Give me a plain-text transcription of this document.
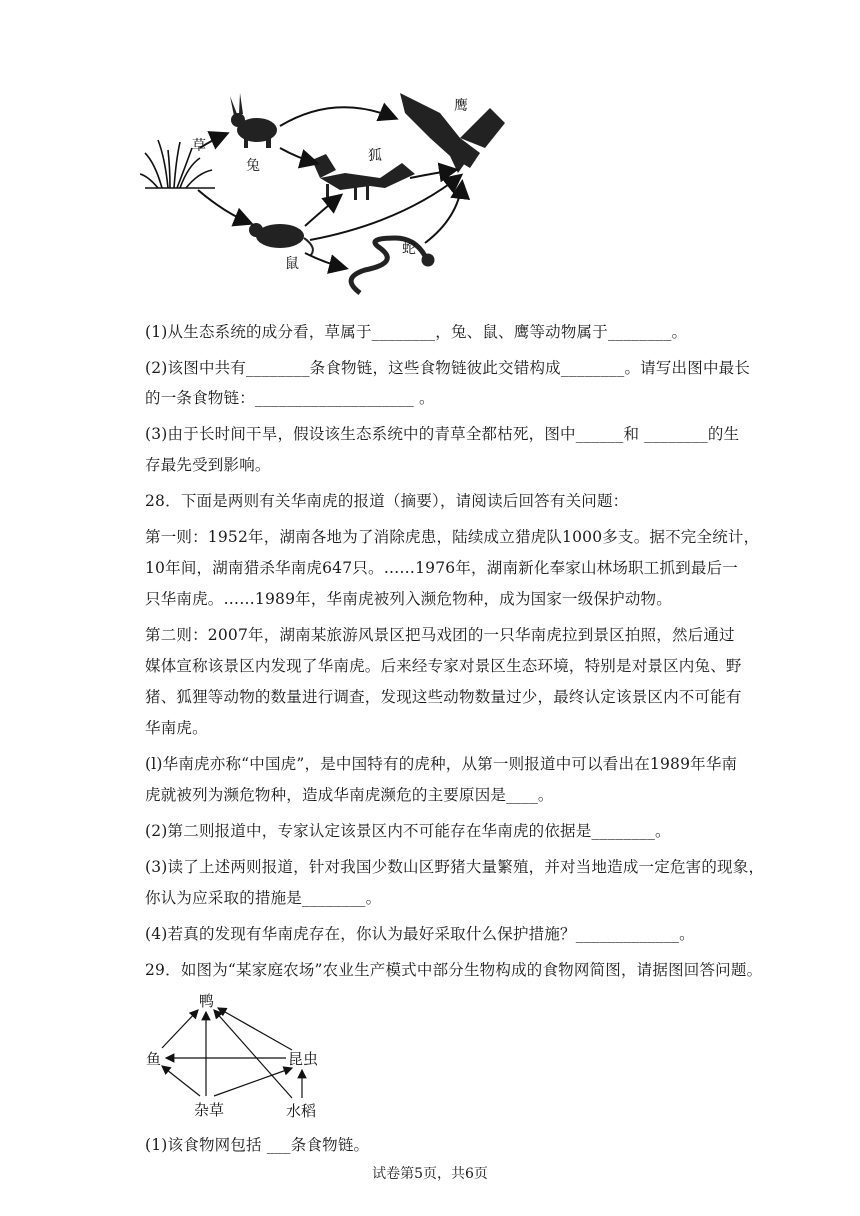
草
兔
狐
鹰
鼠
蛇
(1)从生态系统的成分看，草属于________，兔、鼠、鹰等动物属于________。
(2)该图中共有________条食物链，这些食物链彼此交错构成________。请写出图中最长
的一条食物链：____________________ 。
(3)由于长时间干旱，假设该生态系统中的青草全都枯死，图中______和 ________的生
存最先受到影响。
28．下面是两则有关华南虎的报道（摘要），请阅读后回答有关问题：
第一则：1952年，湖南各地为了消除虎患，陆续成立猎虎队1000多支。据不完全统计，
10年间，湖南猎杀华南虎647只。……1976年，湖南新化奉家山林场职工抓到最后一
只华南虎。……1989年，华南虎被列入濒危物种，成为国家一级保护动物。
第二则：2007年，湖南某旅游风景区把马戏团的一只华南虎拉到景区拍照，然后通过
媒体宣称该景区内发现了华南虎。后来经专家对景区生态环境，特别是对景区内兔、野
猪、狐狸等动物的数量进行调查，发现这些动物数量过少，最终认定该景区内不可能有
华南虎。
(l)华南虎亦称“中国虎”，是中国特有的虎种，从第一则报道中可以看出在1989年华南
虎就被列为濒危物种，造成华南虎濒危的主要原因是____。
(2)第二则报道中，专家认定该景区内不可能存在华南虎的依据是________。
(3)读了上述两则报道，针对我国少数山区野猪大量繁殖，并对当地造成一定危害的现象，
你认为应采取的措施是________。
(4)若真的发现有华南虎存在，你认为最好采取什么保护措施？_____________。
29．如图为“某家庭农场”农业生产模式中部分生物构成的食物网简图，请据图回答问题。
鸭
鱼	昆虫
杂草	水稻
(1)该食物网包括 ___条食物链。
试卷第5页，共6页
